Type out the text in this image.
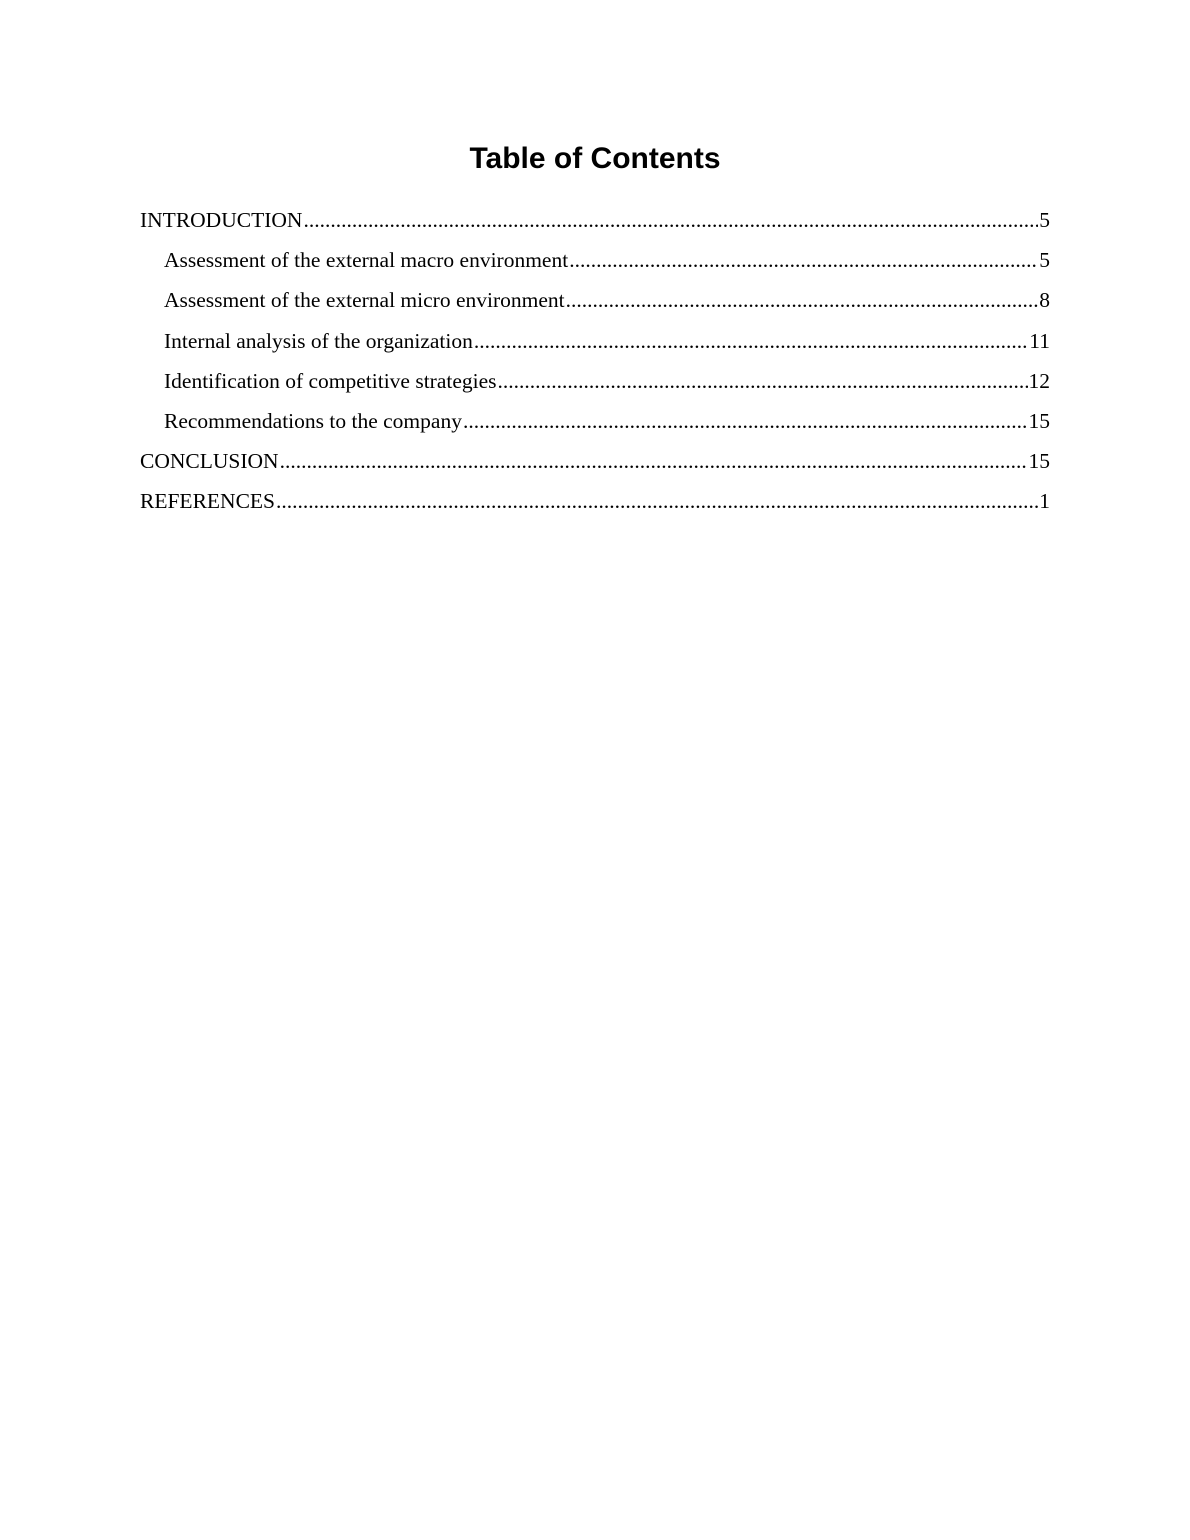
Table of Contents
INTRODUCTION .....	5
Assessment of the external macro environment .....	5
Assessment of the external micro environment .....	8
Internal analysis of the organization .....	11
Identification of competitive strategies .....	12
Recommendations to the company .....	15
CONCLUSION .....	15
REFERENCES .....	1
